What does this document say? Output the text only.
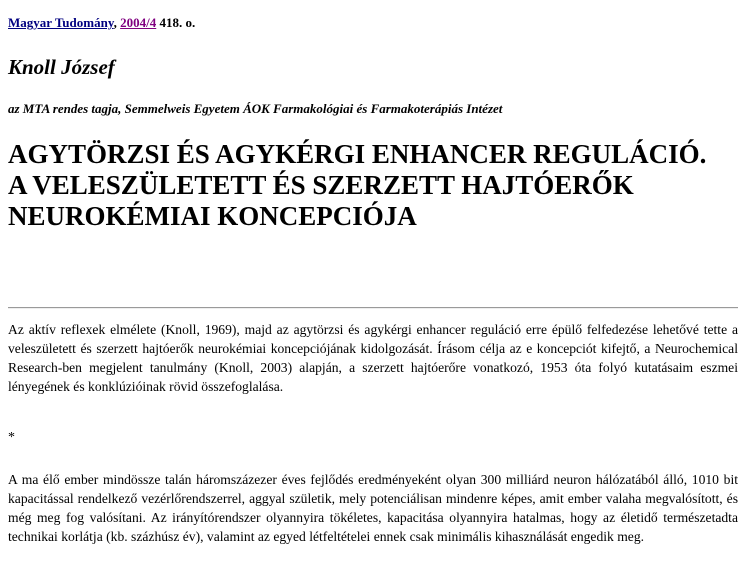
Magyar Tudomány, 2004/4 418. o.
Knoll József
az MTA rendes tagja, Semmelweis Egyetem ÁOK Farmakológiai és Farmakoterápiás Intézet
AGYTÖRZSI ÉS AGYKÉRGI ENHANCER REGULÁCIÓ. A VELESZÜLETETT ÉS SZERZETT HAJTÓERŐK NEUROKÉMIAI KONCEPCIÓJA

Az aktív reflexek elmélete (Knoll, 1969), majd az agytörzsi és agykérgi enhancer reguláció erre épülő felfedezése lehetővé tette a veleszületett és szerzett hajtóerők neurokémiai koncepciójának kidolgozását. Írásom célja az e koncepciót kifejtő, a Neurochemical Research-ben megjelent tanulmány (Knoll, 2003) alapján, a szerzett hajtóerőre vonatkozó, 1953 óta folyó kutatásaim eszmei lényegének és konklúzióinak rövid összefoglalása.

*

A ma élő ember mindössze talán háromszázezer éves fejlődés eredményeként olyan 300 milliárd neuron hálózatából álló, 1010 bit kapacitással rendelkező vezérlőrendszerrel, aggyal születik, mely potenciálisan mindenre képes, amit ember valaha megvalósított, és még meg fog valósítani. Az irányítórendszer olyannyira tökéletes, kapacitása olyannyira hatalmas, hogy az életidő természetadta technikai korlátja (kb. százhúsz év), valamint az egyed létfeltételei ennek csak minimális kihasználását engedik meg.
